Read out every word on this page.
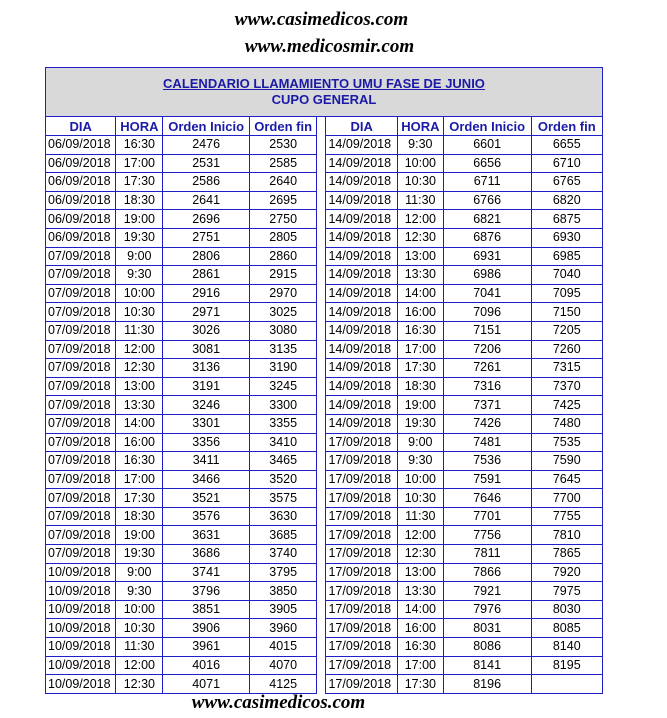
www.casimedicos.com
www.medicosmir.com
CALENDARIO LLAMAMIENTO UMU FASE DE JUNIO
CUPO GENERAL								

DIA	HORA	Orden Inicio	Orden fin		DIA	HORA	Orden Inicio	Orden fin
06/09/2018	16:30	2476	2530		14/09/2018	9:30	6601	6655
06/09/2018	17:00	2531	2585		14/09/2018	10:00	6656	6710
06/09/2018	17:30	2586	2640		14/09/2018	10:30	6711	6765
06/09/2018	18:30	2641	2695		14/09/2018	11:30	6766	6820
06/09/2018	19:00	2696	2750		14/09/2018	12:00	6821	6875
06/09/2018	19:30	2751	2805		14/09/2018	12:30	6876	6930
07/09/2018	9:00	2806	2860		14/09/2018	13:00	6931	6985
07/09/2018	9:30	2861	2915		14/09/2018	13:30	6986	7040
07/09/2018	10:00	2916	2970		14/09/2018	14:00	7041	7095
07/09/2018	10:30	2971	3025		14/09/2018	16:00	7096	7150
07/09/2018	11:30	3026	3080		14/09/2018	16:30	7151	7205
07/09/2018	12:00	3081	3135		14/09/2018	17:00	7206	7260
07/09/2018	12:30	3136	3190		14/09/2018	17:30	7261	7315
07/09/2018	13:00	3191	3245		14/09/2018	18:30	7316	7370
07/09/2018	13:30	3246	3300		14/09/2018	19:00	7371	7425
07/09/2018	14:00	3301	3355		14/09/2018	19:30	7426	7480
07/09/2018	16:00	3356	3410		17/09/2018	9:00	7481	7535
07/09/2018	16:30	3411	3465		17/09/2018	9:30	7536	7590
07/09/2018	17:00	3466	3520		17/09/2018	10:00	7591	7645
07/09/2018	17:30	3521	3575		17/09/2018	10:30	7646	7700
07/09/2018	18:30	3576	3630		17/09/2018	11:30	7701	7755
07/09/2018	19:00	3631	3685		17/09/2018	12:00	7756	7810
07/09/2018	19:30	3686	3740		17/09/2018	12:30	7811	7865
10/09/2018	9:00	3741	3795		17/09/2018	13:00	7866	7920
10/09/2018	9:30	3796	3850		17/09/2018	13:30	7921	7975
10/09/2018	10:00	3851	3905		17/09/2018	14:00	7976	8030
10/09/2018	10:30	3906	3960		17/09/2018	16:00	8031	8085
10/09/2018	11:30	3961	4015		17/09/2018	16:30	8086	8140
10/09/2018	12:00	4016	4070		17/09/2018	17:00	8141	8195
10/09/2018	12:30	4071	4125		17/09/2018	17:30	8196	
www.casimedicos.com
